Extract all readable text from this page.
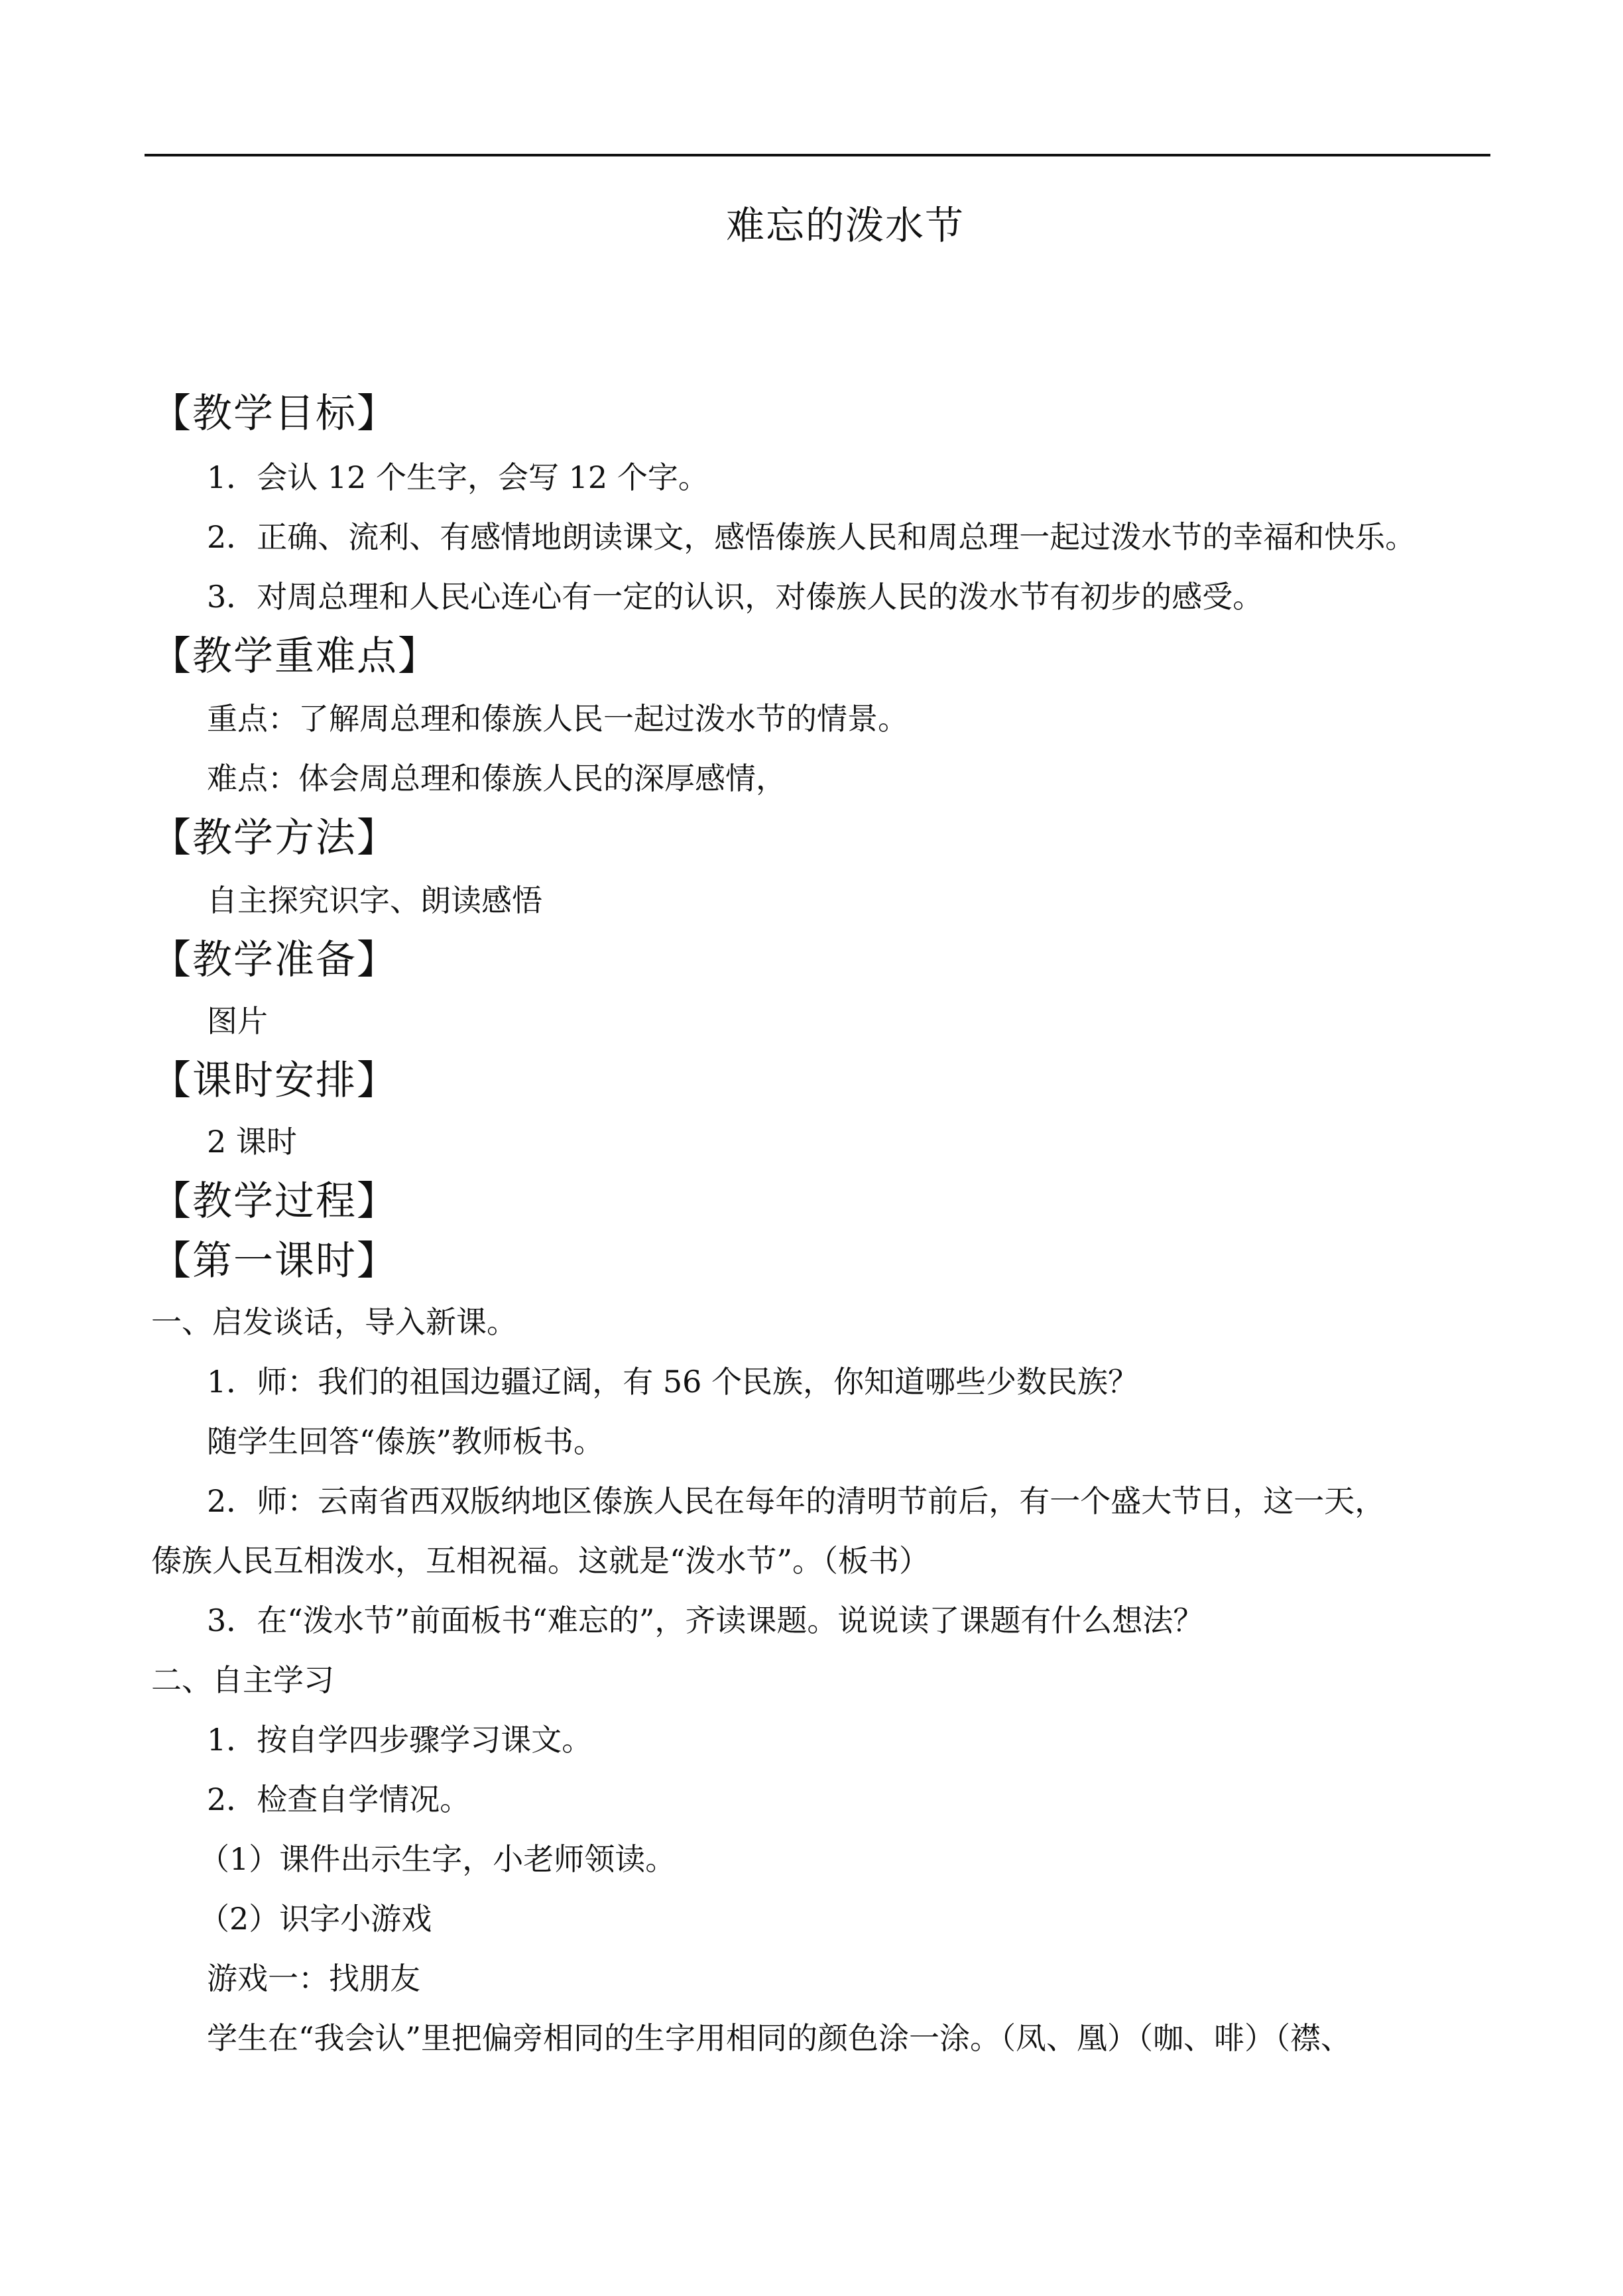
难忘的泼水节
【教学目标】
1．会认 12 个生字，会写 12 个字。
2．正确、流利、有感情地朗读课文，感悟傣族人民和周总理一起过泼水节的幸福和快乐。
3．对周总理和人民心连心有一定的认识，对傣族人民的泼水节有初步的感受。
【教学重难点】
重点：了解周总理和傣族人民一起过泼水节的情景。
难点：体会周总理和傣族人民的深厚感情，
【教学方法】
自主探究识字、朗读感悟
【教学准备】
图片
【课时安排】
2 课时
【教学过程】
【第一课时】
一、启发谈话，导入新课。
1．师：我们的祖国边疆辽阔，有 56 个民族，你知道哪些少数民族？
随学生回答“傣族”教师板书。
2．师：云南省西双版纳地区傣族人民在每年的清明节前后，有一个盛大节日，这一天，
傣族人民互相泼水，互相祝福。这就是“泼水节”。（板书）
3．在“泼水节”前面板书“难忘的”，齐读课题。说说读了课题有什么想法？
二、自主学习
1．按自学四步骤学习课文。
2．检查自学情况。
（1）课件出示生字，小老师领读。
（2）识字小游戏
游戏一：找朋友
学生在“我会认”里把偏旁相同的生字用相同的颜色涂一涂。（凤、凰）（咖、啡）（襟、
